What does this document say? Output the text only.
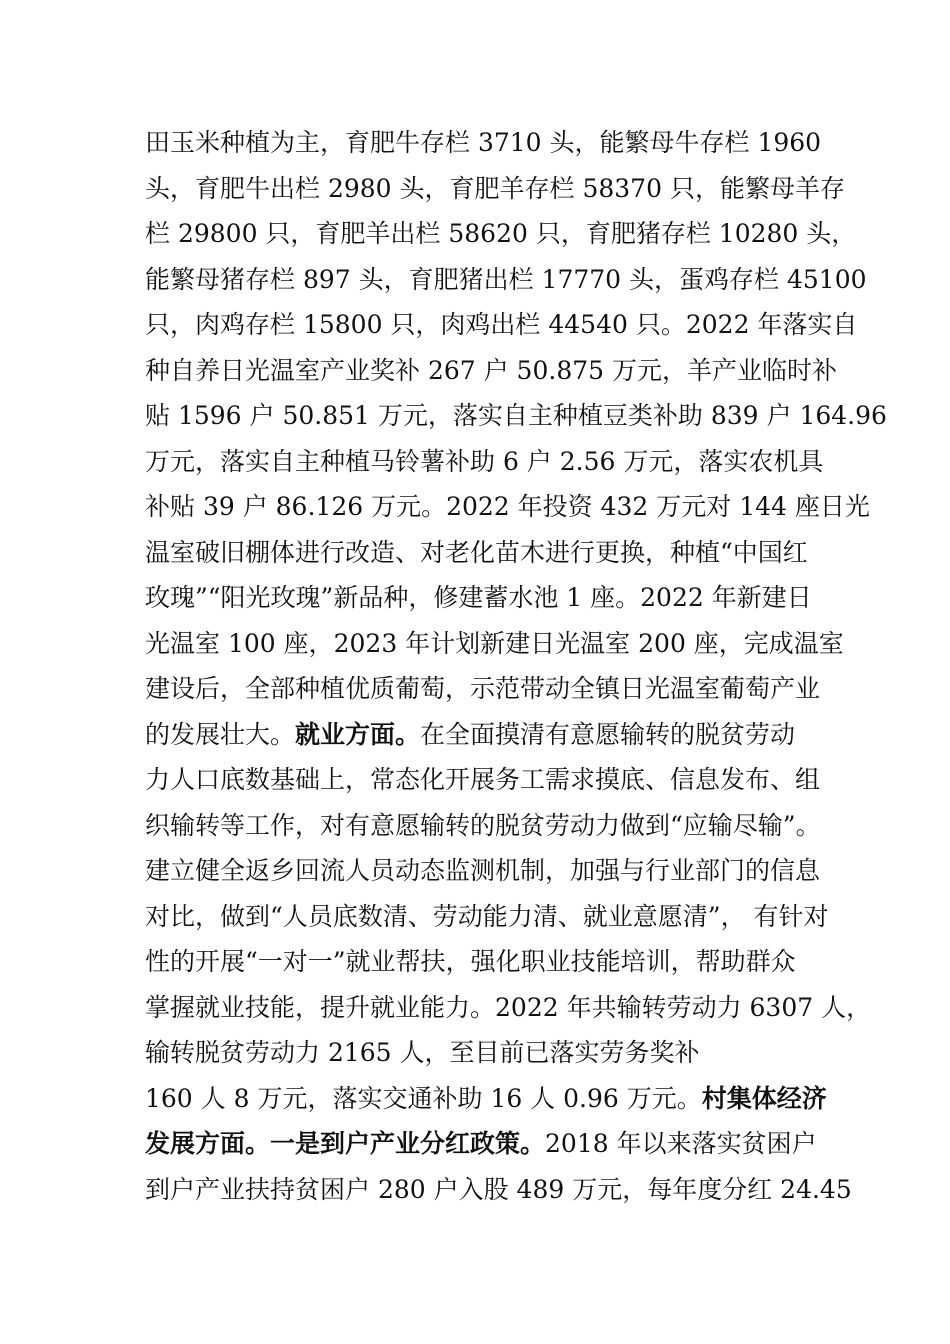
田玉米种植为主，育肥牛存栏 3710 头，能繁母牛存栏 1960
头，育肥牛出栏 2980 头，育肥羊存栏 58370 只，能繁母羊存
栏 29800 只，育肥羊出栏 58620 只，育肥猪存栏 10280 头，
能繁母猪存栏 897 头，育肥猪出栏 17770 头，蛋鸡存栏 45100
只，肉鸡存栏 15800 只，肉鸡出栏 44540 只。2022 年落实自
种自养日光温室产业奖补 267 户 50.875 万元，羊产业临时补
贴 1596 户 50.851 万元，落实自主种植豆类补助 839 户 164.96
万元，落实自主种植马铃薯补助 6 户 2.56 万元，落实农机具
补贴 39 户 86.126 万元。2022 年投资 432 万元对 144 座日光
温室破旧棚体进行改造、对老化苗木进行更换，种植“中国红
玫瑰”“阳光玫瑰”新品种，修建蓄水池 1 座。2022 年新建日
光温室 100 座，2023 年计划新建日光温室 200 座，完成温室
建设后，全部种植优质葡萄，示范带动全镇日光温室葡萄产业
的发展壮大。就业方面。在全面摸清有意愿输转的脱贫劳动
力人口底数基础上，常态化开展务工需求摸底、信息发布、组
织输转等工作，对有意愿输转的脱贫劳动力做到“应输尽输”。
建立健全返乡回流人员动态监测机制，加强与行业部门的信息
对比，做到“人员底数清、劳动能力清、就业意愿清”， 有针对
性的开展“一对一”就业帮扶，强化职业技能培训，帮助群众
掌握就业技能，提升就业能力。2022 年共输转劳动力 6307 人，
输转脱贫劳动力 2165 人，至目前已落实劳务奖补
160 人 8 万元，落实交通补助 16 人 0.96 万元。村集体经济
发展方面。一是到户产业分红政策。2018 年以来落实贫困户
到户产业扶持贫困户 280 户入股 489 万元，每年度分红 24.45
